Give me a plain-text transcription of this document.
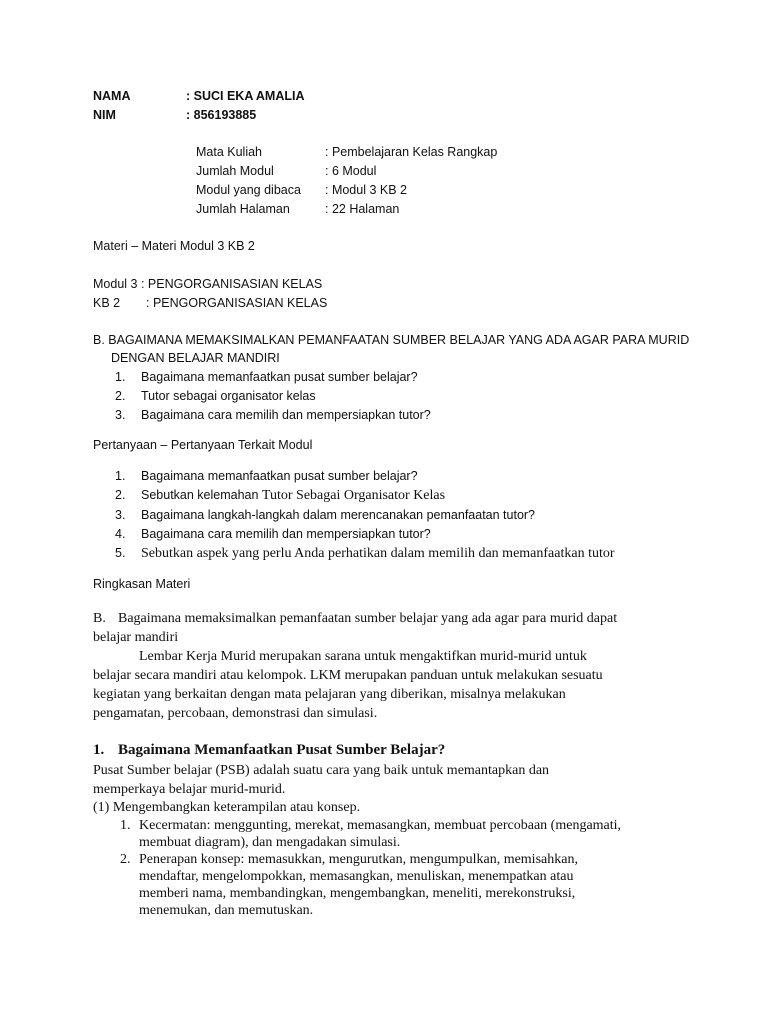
NAMA	: SUCI EKA AMALIA
NIM	: 856193885
Mata Kuliah	: Pembelajaran Kelas Rangkap
Jumlah Modul	: 6 Modul
Modul yang dibaca : Modul 3 KB 2
Jumlah Halaman	: 22 Halaman
Materi – Materi Modul 3 KB 2
Modul 3 : PENGORGANISASIAN KELAS
KB 2 : PENGORGANISASIAN KELAS
B. BAGAIMANA MEMAKSIMALKAN PEMANFAATAN SUMBER BELAJAR YANG ADA AGAR PARA MURID
DENGAN BELAJAR MANDIRI
1. Bagaimana memanfaatkan pusat sumber belajar?
2. Tutor sebagai organisator kelas
3. Bagaimana cara memilih dan mempersiapkan tutor?
Pertanyaan – Pertanyaan Terkait Modul
1. Bagaimana memanfaatkan pusat sumber belajar?
2. Sebutkan kelemahan Tutor Sebagai Organisator Kelas
3. Bagaimana langkah-langkah dalam merencanakan pemanfaatan tutor?
4. Bagaimana cara memilih dan mempersiapkan tutor?
5. Sebutkan aspek yang perlu Anda perhatikan dalam memilih dan memanfaatkan tutor
Ringkasan Materi
B. Bagaimana memaksimalkan pemanfaatan sumber belajar yang ada agar para murid dapat
belajar mandiri
Lembar Kerja Murid merupakan sarana untuk mengaktifkan murid-murid untuk
belajar secara mandiri atau kelompok. LKM merupakan panduan untuk melakukan sesuatu
kegiatan yang berkaitan dengan mata pelajaran yang diberikan, misalnya melakukan
pengamatan, percobaan, demonstrasi dan simulasi.
1. Bagaimana Memanfaatkan Pusat Sumber Belajar?
Pusat Sumber belajar (PSB) adalah suatu cara yang baik untuk memantapkan dan
memperkaya belajar murid-murid.
(1) Mengembangkan keterampilan atau konsep.
1. Kecermatan: menggunting, merekat, memasangkan, membuat percobaan (mengamati,
membuat diagram), dan mengadakan simulasi.
2. Penerapan konsep: memasukkan, mengurutkan, mengumpulkan, memisahkan,
mendaftar, mengelompokkan, memasangkan, menuliskan, menempatkan atau
memberi nama, membandingkan, mengembangkan, meneliti, merekonstruksi,
menemukan, dan memutuskan.
